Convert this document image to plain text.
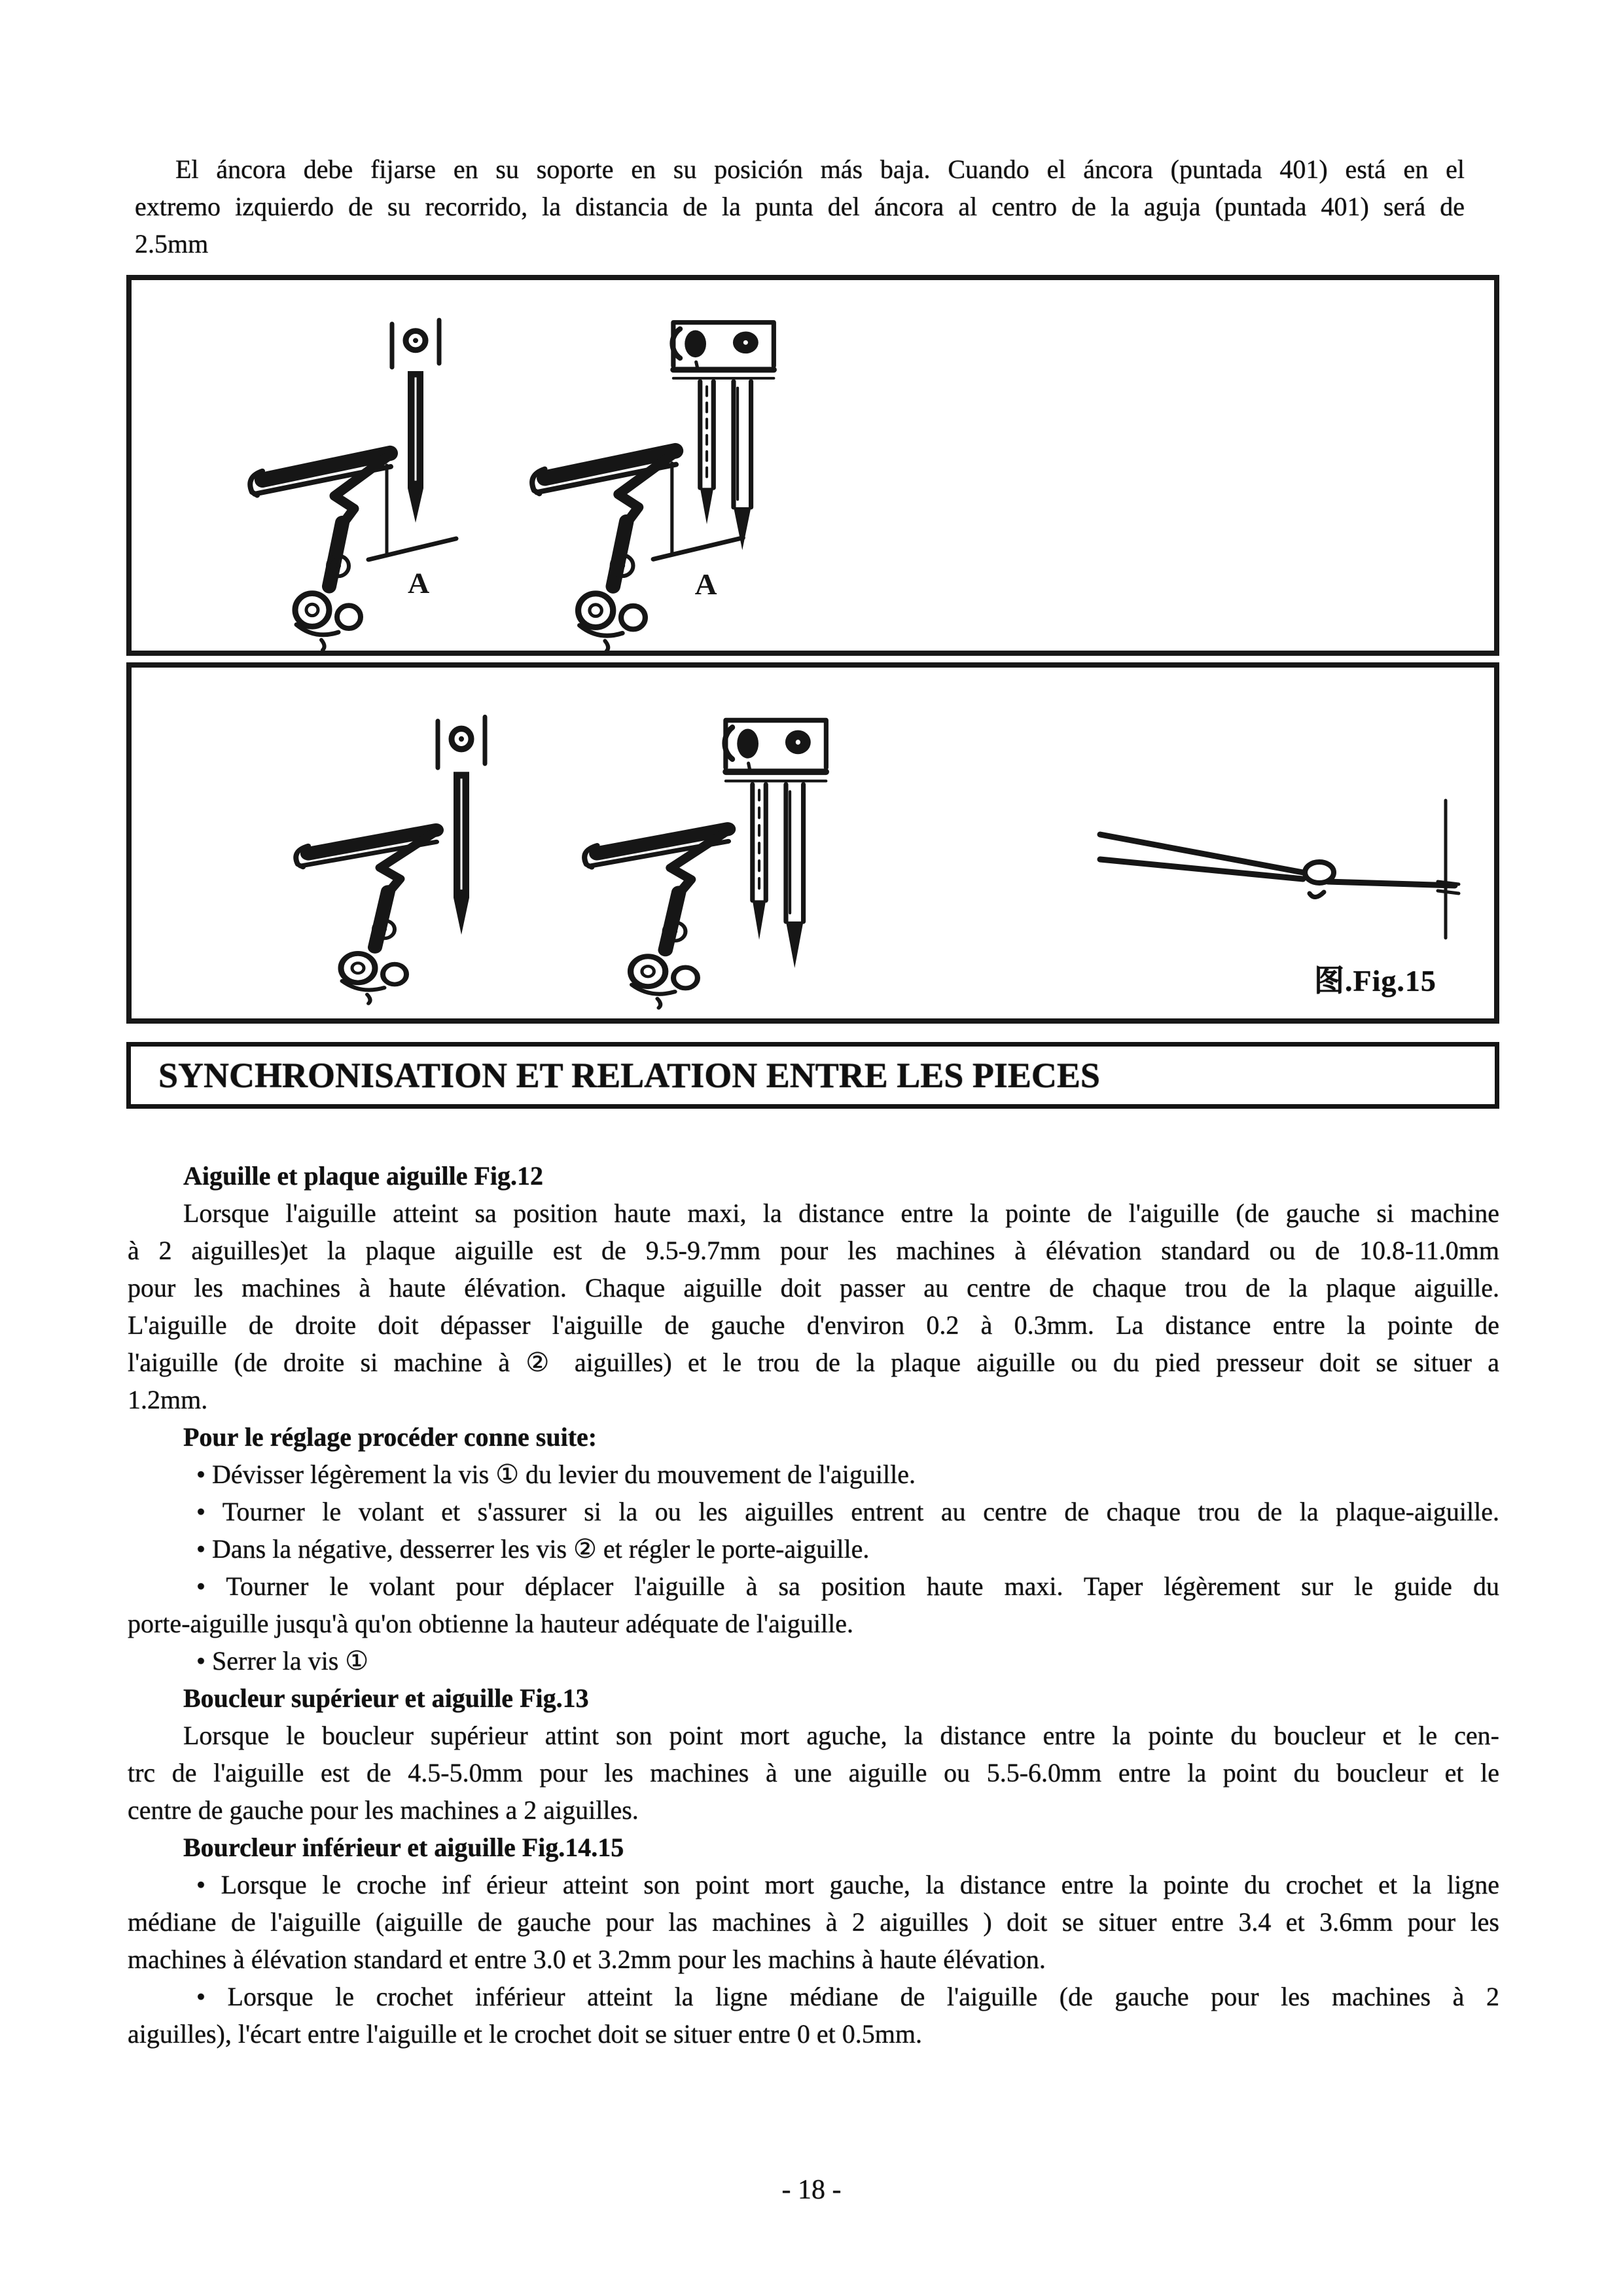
El áncora debe fijarse en su soporte en su posición más baja. Cuando el áncora (puntada 401) está en el
extremo izquierdo de su recorrido, la distancia de la punta del áncora al centro de la aguja (puntada 401) será de
2.5mm
A	A
图.Fig.15
SYNCHRONISATION ET RELATION ENTRE LES PIECES
Aiguille et plaque aiguille Fig.12
Lorsque l'aiguille atteint sa position haute maxi, la distance entre la pointe de l'aiguille (de gauche si machine
à 2 aiguilles)et la plaque aiguille est de 9.5-9.7mm pour les machines à élévation standard ou de 10.8-11.0mm
pour les machines à haute élévation. Chaque aiguille doit passer au centre de chaque trou de la plaque aiguille.
L'aiguille de droite doit dépasser l'aiguille de gauche d'environ 0.2 à 0.3mm. La distance entre la pointe de
l'aiguille (de droite si machine à ② aiguilles) et le trou de la plaque aiguille ou du pied presseur doit se situer a
1.2mm.
Pour le réglage procéder conne suite:
• Dévisser légèrement la vis ① du levier du mouvement de l'aiguille.
• Tourner le volant et s'assurer si la ou les aiguilles entrent au centre de chaque trou de la plaque-aiguille.
• Dans la négative, desserrer les vis ② et régler le porte-aiguille.
• Tourner le volant pour déplacer l'aiguille à sa position haute maxi. Taper légèrement sur le guide du
porte-aiguille jusqu'à qu'on obtienne la hauteur adéquate de l'aiguille.
• Serrer la vis ①
Boucleur supérieur et aiguille Fig.13
Lorsque le boucleur supérieur attint son point mort aguche, la distance entre la pointe du boucleur et le cen-
trc de l'aiguille est de 4.5-5.0mm pour les machines à une aiguille ou 5.5-6.0mm entre la point du boucleur et le
centre de gauche pour les machines a 2 aiguilles.
Bourcleur inférieur et aiguille Fig.14.15
• Lorsque le croche inf érieur atteint son point mort gauche, la distance entre la pointe du crochet et la ligne
médiane de l'aiguille (aiguille de gauche pour las machines à 2 aiguilles ) doit se situer entre 3.4 et 3.6mm pour les
machines à élévation standard et entre 3.0 et 3.2mm pour les machins à haute élévation.
• Lorsque le crochet inférieur atteint la ligne médiane de l'aiguille (de gauche pour les machines à 2
aiguilles), l'écart entre l'aiguille et le crochet doit se situer entre 0 et 0.5mm.
- 18 -
